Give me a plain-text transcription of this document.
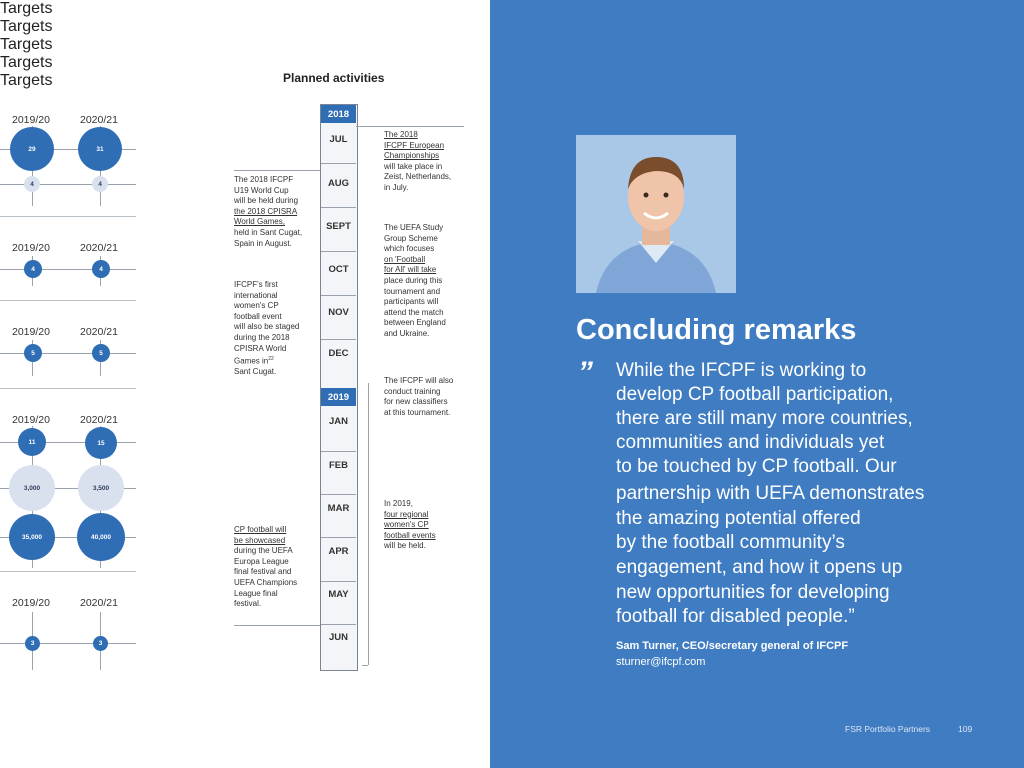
Targets
2019/20	2020/21
29	31
4	4
Targets
2019/20	2020/21
4	4
Targets
2019/20	2020/21
5	5
Targets
2019/20	2020/21
11	15
3,000	3,500
35,000	40,000
Targets
2019/20	2020/21
3	3
Planned activities
2018
JUL
AUG
SEPT
OCT
NOV
DEC
2019
JAN
FEB
MAR
APR
MAY
JUN
The 2018 IFCPF
U19 World Cup
will be held during
the 2018 CPISRA
World Games,
held in Sant Cugat,
Spain in August.
IFCPF's first
international
women's CP
football event
will also be staged
during the 2018
CPISRA World
Games $in^{22}$
Sant Cugat.
CP football will
be showcased
during the UEFA
Europa League
final festival and
UEFA Champions
League final
festival.
The 2018
IFCPF European
Championships
will take place in
Zeist, Netherlands,
in July.
The UEFA Study
Group Scheme
which focuses
on 'Football
for All' will take
place during this
tournament and
participants will
attend the match
between England
and Ukraine.
The IFCPF will also
conduct training
for new classifiers
at this tournament.
In 2019,
four regional
women's CP
football events
will be held.
Concluding remarks
” While the IFCPF is working to
develop CP football participation,
there are still many more countries,
communities and individuals yet
to be touched by CP football. Our
partnership with UEFA demonstrates
the amazing potential offered
by the football community’s
engagement, and how it opens up
new opportunities for developing
football for disabled people.”
Sam Turner, CEO/secretary general of IFCPF
sturner@ifcpf.com
FSR Portfolio Partners	109
